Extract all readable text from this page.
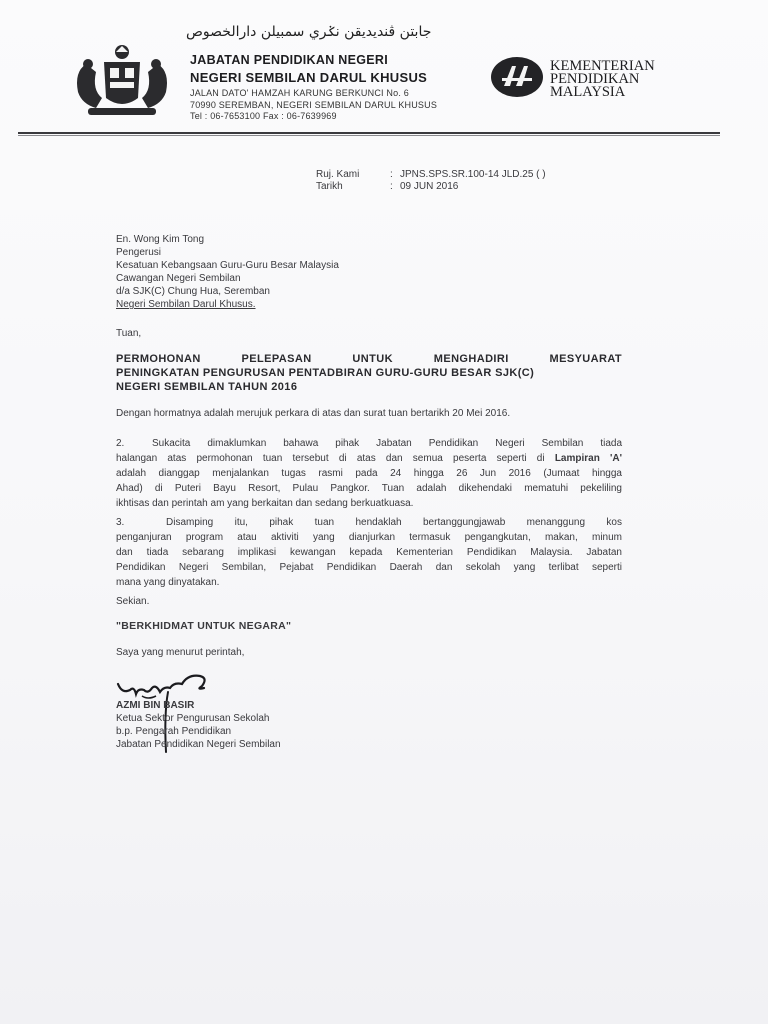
جابتن ڤنديديقن نݢري سمبيلن دارالخصوص
JABATAN PENDIDIKAN NEGERI
NEGERI SEMBILAN DARUL KHUSUS
JALAN DATO' HAMZAH KARUNG BERKUNCI No. 6
70990 SEREMBAN, NEGERI SEMBILAN DARUL KHUSUS
Tel : 06-7653100 Fax : 06-7639969
KEMENTERIAN
PENDIDIKAN
MALAYSIA
Ruj. Kami	: JPNS.SPS.SR.100-14 JLD.25 ( )
Tarikh	: 09 JUN 2016
En. Wong Kim Tong
Pengerusi
Kesatuan Kebangsaan Guru-Guru Besar Malaysia
Cawangan Negeri Sembilan
d/a SJK(C) Chung Hua, Seremban
Negeri Sembilan Darul Khusus.
Tuan,
PERMOHONAN PELEPASAN UNTUK MENGHADIRI MESYUARAT
PENINGKATAN PENGURUSAN PENTADBIRAN GURU-GURU BESAR SJK(C)
NEGERI SEMBILAN TAHUN 2016
Dengan hormatnya adalah merujuk perkara di atas dan surat tuan bertarikh 20 Mei 2016.
2.	Sukacita dimaklumkan bahawa pihak Jabatan Pendidikan Negeri Sembilan tiada
halangan atas permohonan tuan tersebut di atas dan semua peserta seperti di Lampiran 'A'
adalah dianggap menjalankan tugas rasmi pada 24 hingga 26 Jun 2016 (Jumaat hingga
Ahad) di Puteri Bayu Resort, Pulau Pangkor. Tuan adalah dikehendaki mematuhi pekeliling
ikhtisas dan perintah am yang berkaitan dan sedang berkuatkuasa.
3.	Disamping itu, pihak tuan hendaklah bertanggungjawab menanggung kos
penganjuran program atau aktiviti yang dianjurkan termasuk pengangkutan, makan, minum
dan tiada sebarang implikasi kewangan kepada Kementerian Pendidikan Malaysia. Jabatan
Pendidikan Negeri Sembilan, Pejabat Pendidikan Daerah dan sekolah yang terlibat seperti
mana yang dinyatakan.
Sekian.
"BERKHIDMAT UNTUK NEGARA"
Saya yang menurut perintah,
AZMI BIN BASIR
Ketua Sektor Pengurusan Sekolah
b.p. Pengarah Pendidikan
Jabatan Pendidikan Negeri Sembilan
